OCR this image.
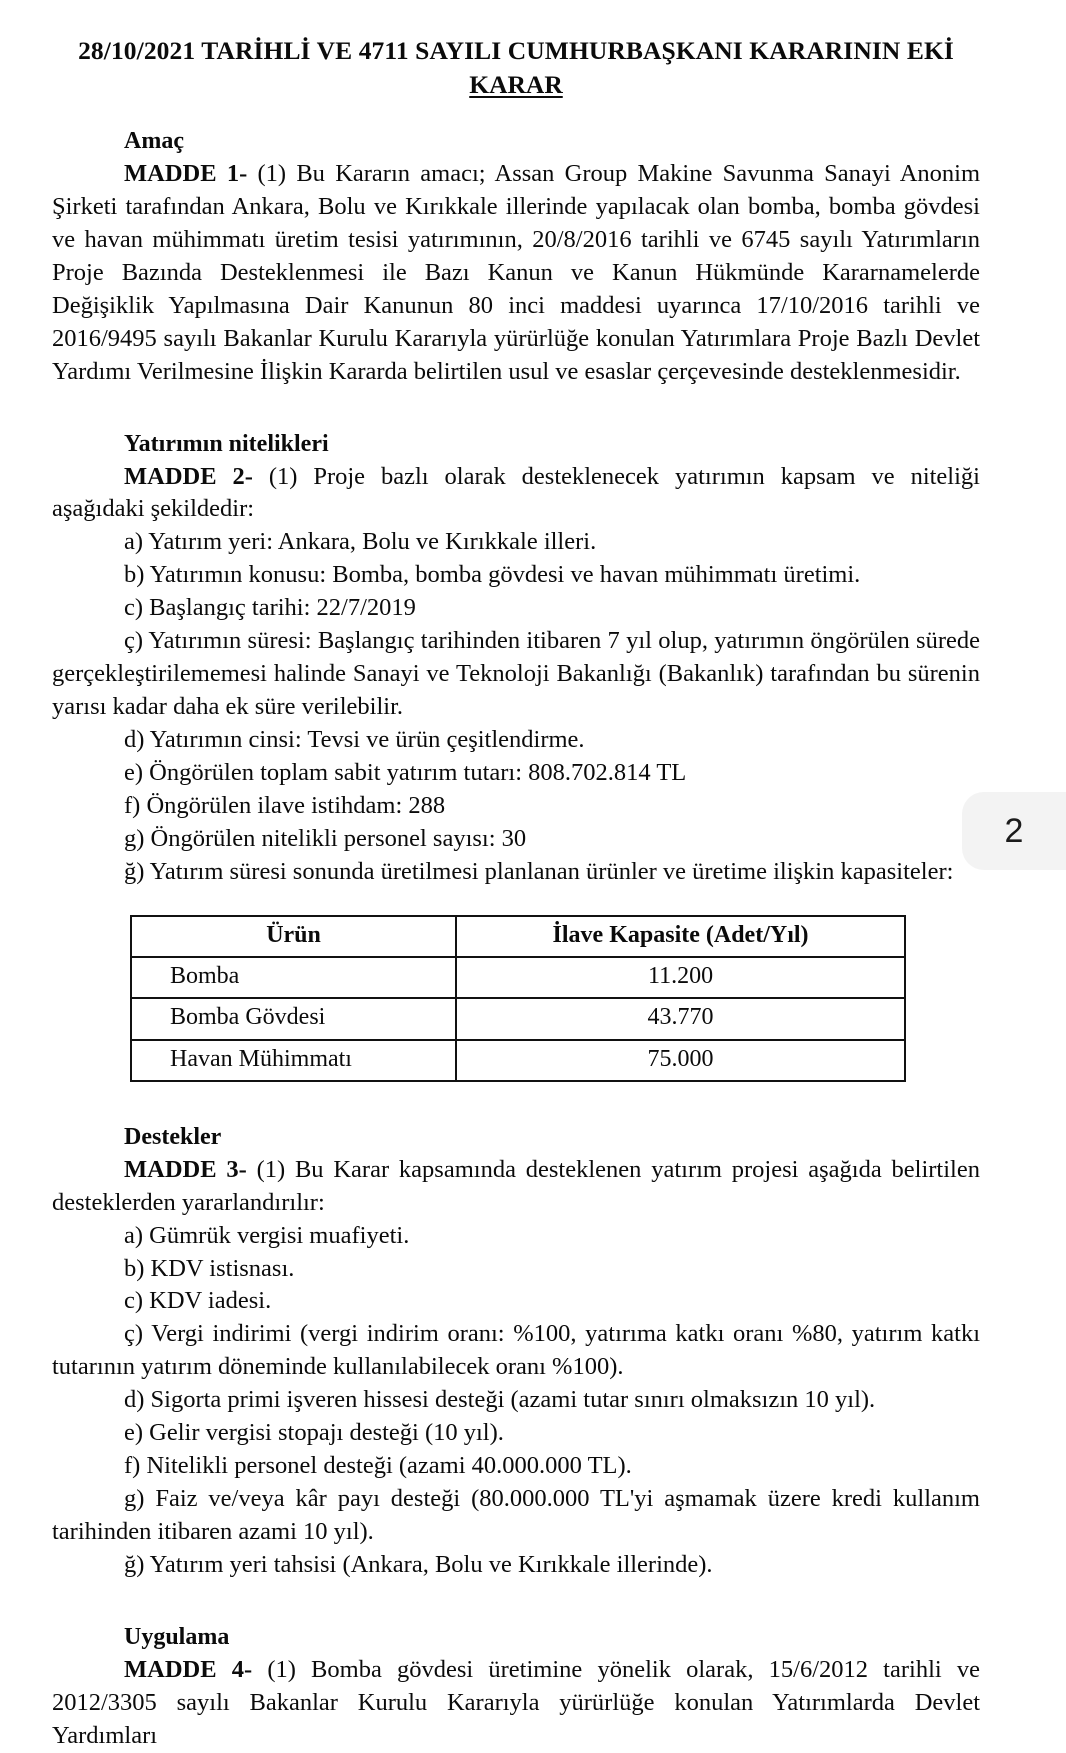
28/10/2021 TARİHLİ VE 4711 SAYILI CUMHURBAŞKANI KARARININ EKİ
KARAR
Amaç

MADDE 1- (1) Bu Kararın amacı; Assan Group Makine Savunma Sanayi Anonim Şirketi tarafından Ankara, Bolu ve Kırıkkale illerinde yapılacak olan bomba, bomba gövdesi ve havan mühimmatı üretim tesisi yatırımının, 20/8/2016 tarihli ve 6745 sayılı Yatırımların Proje Bazında Desteklenmesi ile Bazı Kanun ve Kanun Hükmünde Kararnamelerde Değişiklik Yapılmasına Dair Kanunun 80 inci maddesi uyarınca 17/10/2016 tarihli ve 2016/9495 sayılı Bakanlar Kurulu Kararıyla yürürlüğe konulan Yatırımlara Proje Bazlı Devlet Yardımı Verilmesine İlişkin Kararda belirtilen usul ve esaslar çerçevesinde desteklenmesidir.

Yatırımın nitelikleri

MADDE 2- (1) Proje bazlı olarak desteklenecek yatırımın kapsam ve niteliği aşağıdaki şekildedir:

a) Yatırım yeri: Ankara, Bolu ve Kırıkkale illeri.

b) Yatırımın konusu: Bomba, bomba gövdesi ve havan mühimmatı üretimi.

c) Başlangıç tarihi: 22/7/2019

ç) Yatırımın süresi: Başlangıç tarihinden itibaren 7 yıl olup, yatırımın öngörülen sürede gerçekleştirilememesi halinde Sanayi ve Teknoloji Bakanlığı (Bakanlık) tarafından bu sürenin yarısı kadar daha ek süre verilebilir.

d) Yatırımın cinsi: Tevsi ve ürün çeşitlendirme.

e) Öngörülen toplam sabit yatırım tutarı: 808.702.814 TL

f) Öngörülen ilave istihdam: 288

g) Öngörülen nitelikli personel sayısı: 30

ğ) Yatırım süresi sonunda üretilmesi planlanan ürünler ve üretime ilişkin kapasiteler:

Ürün	İlave Kapasite (Adet/Yıl)
Bomba	11.200
Bomba Gövdesi	43.770
Havan Mühimmatı	75.000
Destekler

MADDE 3- (1) Bu Karar kapsamında desteklenen yatırım projesi aşağıda belirtilen desteklerden yararlandırılır:

a) Gümrük vergisi muafiyeti.

b) KDV istisnası.

c) KDV iadesi.

ç) Vergi indirimi (vergi indirim oranı: %100, yatırıma katkı oranı %80, yatırım katkı tutarının yatırım döneminde kullanılabilecek oranı %100).

d) Sigorta primi işveren hissesi desteği (azami tutar sınırı olmaksızın 10 yıl).

e) Gelir vergisi stopajı desteği (10 yıl).

f) Nitelikli personel desteği (azami 40.000.000 TL).

g) Faiz ve/veya kâr payı desteği (80.000.000 TL'yi aşmamak üzere kredi kullanım tarihinden itibaren azami 10 yıl).

ğ) Yatırım yeri tahsisi (Ankara, Bolu ve Kırıkkale illerinde).

Uygulama

MADDE 4- (1) Bomba gövdesi üretimine yönelik olarak, 15/6/2012 tarihli ve 2012/3305 sayılı Bakanlar Kurulu Kararıyla yürürlüğe konulan Yatırımlarda Devlet Yardımları

2
